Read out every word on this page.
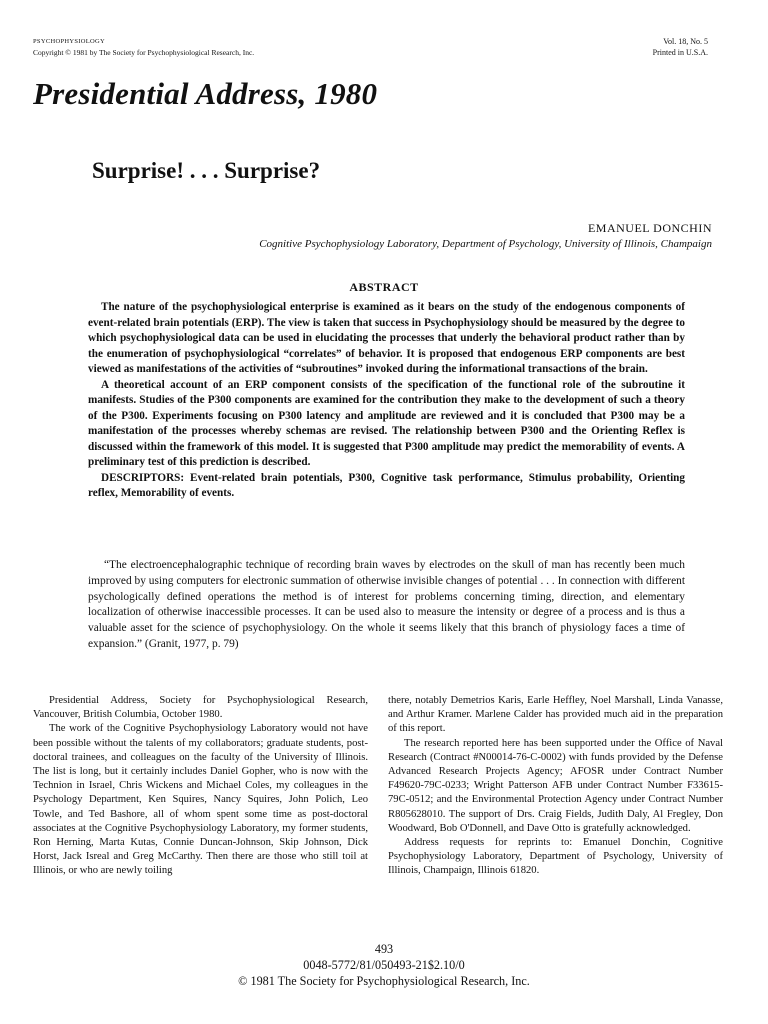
PSYCHOPHYSIOLOGY
Copyright © 1981 by The Society for Psychophysiological Research, Inc.
Vol. 18, No. 5
Printed in U.S.A.
Presidential Address, 1980
Surprise! . . . Surprise?
EMANUEL DONCHIN
Cognitive Psychophysiology Laboratory, Department of Psychology, University of Illinois, Champaign
ABSTRACT

The nature of the psychophysiological enterprise is examined as it bears on the study of the endogenous components of event-related brain potentials (ERP). The view is taken that success in Psychophysiology should be measured by the degree to which psychophysiological data can be used in elucidating the processes that underly the behavioral product rather than by the enumeration of psychophysiological “correlates” of behavior. It is proposed that endogenous ERP components are best viewed as manifestations of the activities of “subroutines” invoked during the informational transactions of the brain.

A theoretical account of an ERP component consists of the specification of the functional role of the subroutine it manifests. Studies of the P300 components are examined for the contribution they make to the development of such a theory of the P300. Experiments focusing on P300 latency and amplitude are reviewed and it is concluded that P300 may be a manifestation of the processes whereby schemas are revised. The relationship between P300 and the Orienting Reflex is discussed within the framework of this model. It is suggested that P300 amplitude may predict the memorability of events. A preliminary test of this prediction is described.

DESCRIPTORS: Event-related brain potentials, P300, Cognitive task performance, Stimulus probability, Orienting reflex, Memorability of events.

“The electroencephalographic technique of recording brain waves by electrodes on the skull of man has recently been much improved by using computers for electronic summation of otherwise invisible changes of potential . . . In connection with different psychologically defined operations the method is of interest for problems concerning timing, direction, and elementary localization of otherwise inaccessible processes. It can be used also to measure the intensity or degree of a process and is thus a valuable asset for the science of psychophysiology. On the whole it seems likely that this branch of physiology faces a time of expansion.” (Granit, 1977, p. 79)

Presidential Address, Society for Psychophysiological Research, Vancouver, British Columbia, October 1980.

The work of the Cognitive Psychophysiology Laboratory would not have been possible without the talents of my collaborators; graduate students, post-doctoral trainees, and colleagues on the faculty of the University of Illinois. The list is long, but it certainly includes Daniel Gopher, who is now with the Technion in Israel, Chris Wickens and Michael Coles, my colleagues in the Psychology Department, Ken Squires, Nancy Squires, John Polich, Leo Towle, and Ted Bashore, all of whom spent some time as post-doctoral associates at the Cognitive Psychophysiology Laboratory, my former students, Ron Herning, Marta Kutas, Connie Duncan-Johnson, Skip Johnson, Dick Horst, Jack Isreal and Greg McCarthy. Then there are those who still toil at Illinois, or who are newly toiling

there, notably Demetrios Karis, Earle Heffley, Noel Marshall, Linda Vanasse, and Arthur Kramer. Marlene Calder has provided much aid in the preparation of this report.

The research reported here has been supported under the Office of Naval Research (Contract #N00014-76-C-0002) with funds provided by the Defense Advanced Research Projects Agency; AFOSR under Contract Number F49620-79C-0233; Wright Patterson AFB under Contract Number F33615-79C-0512; and the Environmental Protection Agency under Contract Number R805628010. The support of Drs. Craig Fields, Judith Daly, Al Fregley, Don Woodward, Bob O'Donnell, and Dave Otto is gratefully acknowledged.

Address requests for reprints to: Emanuel Donchin, Cognitive Psychophysiology Laboratory, Department of Psychology, University of Illinois, Champaign, Illinois 61820.

493
0048-5772/81/050493-21$2.10/0
© 1981 The Society for Psychophysiological Research, Inc.
